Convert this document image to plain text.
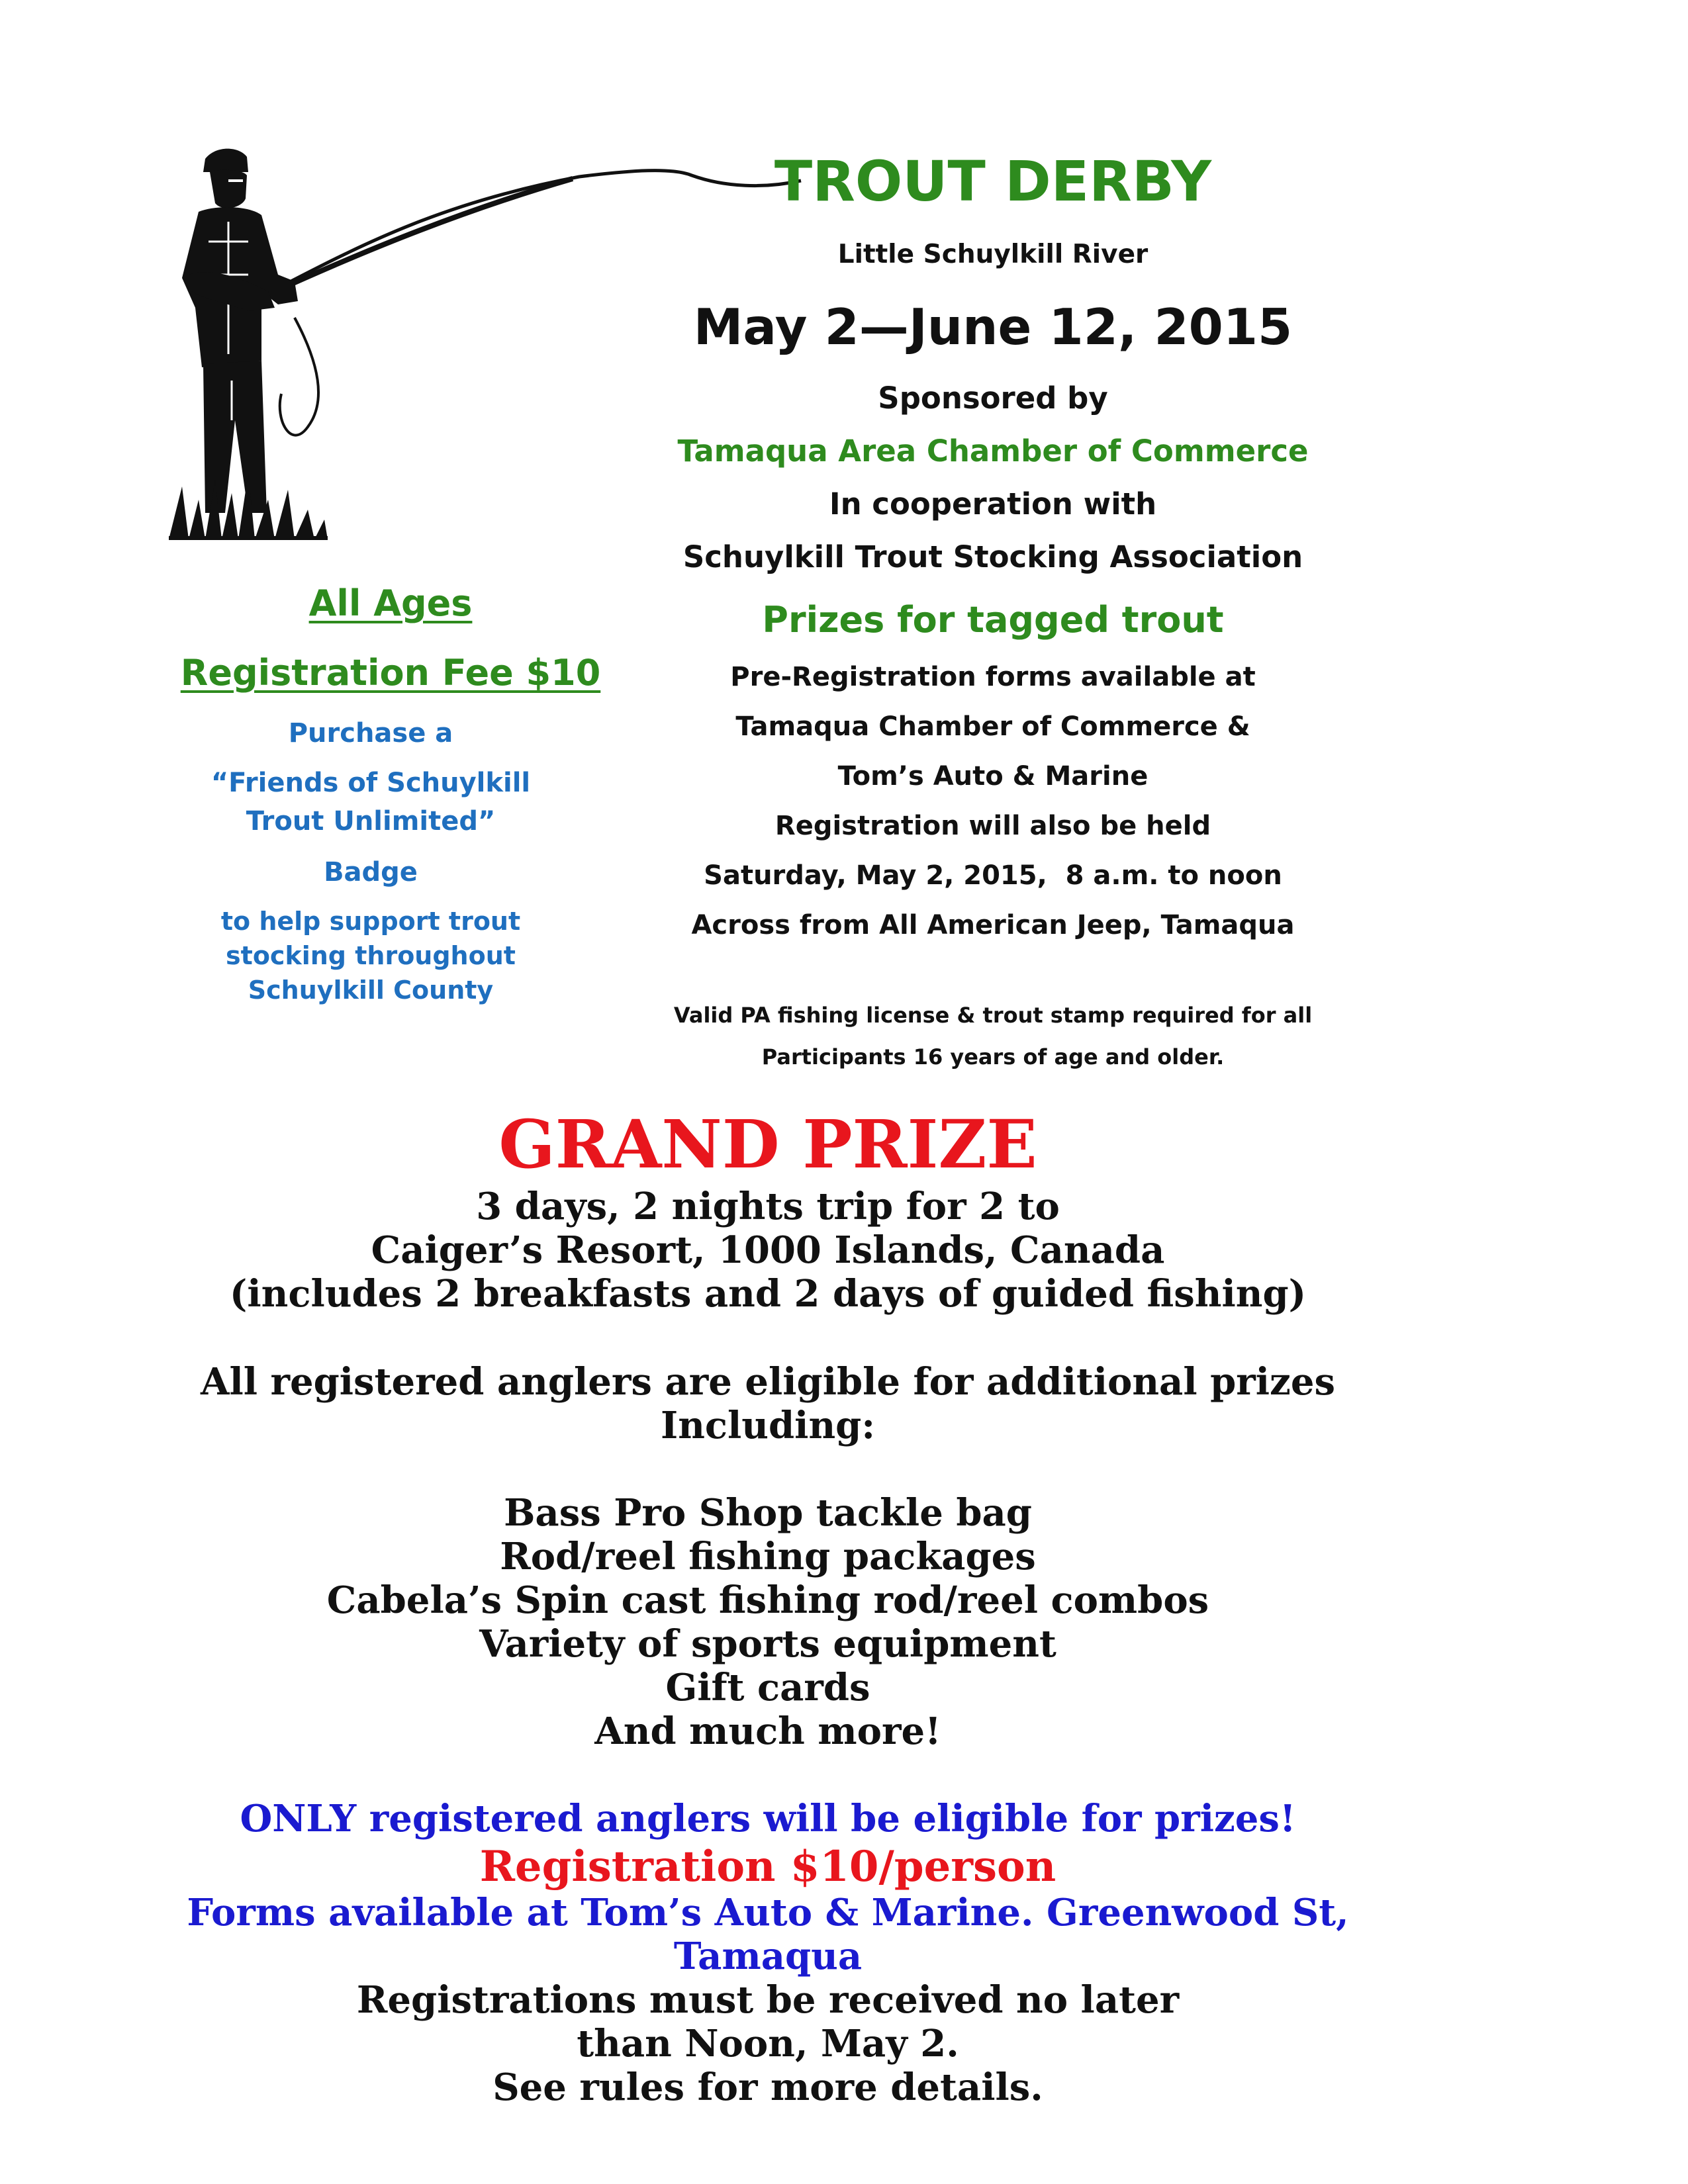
TROUT DERBY
Little Schuylkill River
May 2—June 12, 2015
Sponsored by
Tamaqua Area Chamber of Commerce
In cooperation with
Schuylkill Trout Stocking Association
Prizes for tagged trout
Pre-Registration forms available at
Tamaqua Chamber of Commerce &
Tom’s Auto & Marine
Registration will also be held
Saturday, May 2, 2015,  8 a.m. to noon
Across from All American Jeep, Tamaqua
Valid PA fishing license & trout stamp required for all
Participants 16 years of age and older.
All Ages
Registration Fee $10
Purchase a
“Friends of Schuylkill
Trout Unlimited”
Badge
to help support trout
stocking throughout
Schuylkill County
GRAND PRIZE
3 days, 2 nights trip for 2 to
Caiger’s Resort, 1000 Islands, Canada
(includes 2 breakfasts and 2 days of guided fishing)
All registered anglers are eligible for additional prizes
Including:
Bass Pro Shop tackle bag
Rod/reel fishing packages
Cabela’s Spin cast fishing rod/reel combos
Variety of sports equipment
Gift cards
And much more!
ONLY registered anglers will be eligible for prizes!
Registration $10/person
Forms available at Tom’s Auto & Marine. Greenwood St,
Tamaqua
Registrations must be received no later
than Noon, May 2.
See rules for more details.
